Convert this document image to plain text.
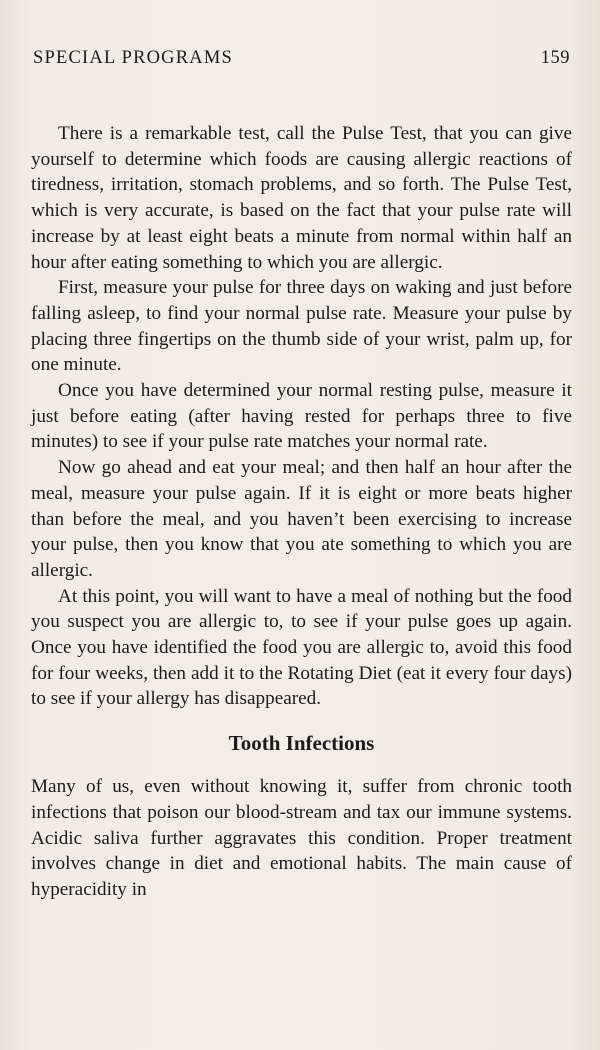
SPECIAL PROGRAMS	159

There is a remarkable test, call the Pulse Test, that you can give yourself to determine which foods are causing allergic reactions of tiredness, irritation, stomach problems, and so forth. The Pulse Test, which is very accurate, is based on the fact that your pulse rate will increase by at least eight beats a minute from normal within half an hour after eating something to which you are allergic.

First, measure your pulse for three days on waking and just before falling asleep, to find your normal pulse rate. Measure your pulse by placing three fingertips on the thumb side of your wrist, palm up, for one minute.

Once you have determined your normal resting pulse, measure it just before eating (after having rested for perhaps three to five minutes) to see if your pulse rate matches your normal rate.

Now go ahead and eat your meal; and then half an hour after the meal, measure your pulse again. If it is eight or more beats higher than before the meal, and you haven’t been exercising to increase your pulse, then you know that you ate something to which you are allergic.

At this point, you will want to have a meal of nothing but the food you suspect you are allergic to, to see if your pulse goes up again. Once you have identified the food you are allergic to, avoid this food for four weeks, then add it to the Rotating Diet (eat it every four days) to see if your allergy has disappeared.

Tooth Infections

Many of us, even without knowing it, suffer from chronic tooth infections that poison our blood-stream and tax our immune systems. Acidic saliva further aggravates this condition. Proper treatment involves change in diet and emotional habits. The main cause of hyperacidity in
